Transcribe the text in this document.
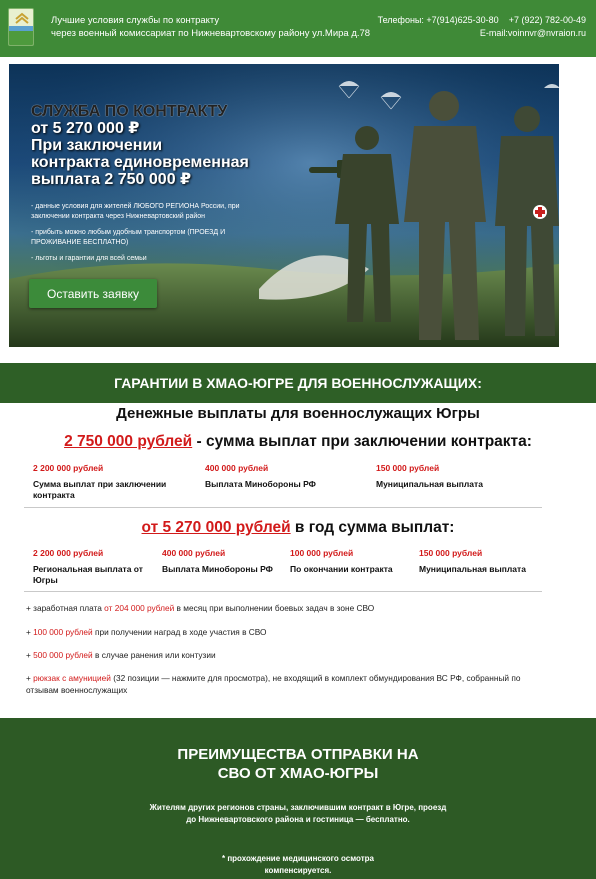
Лучшие условия службы по контракту
через военный комиссариат по Нижневартовскому району ул.Мира д.78
Телефоны: +7(914)625-30-80 +7 (922) 782-00-49
E-mail:voinnvr@nvraion.ru
СЛУЖБА ПО КОНТРАКТУ
от 5 270 000 ₽
При заключении
контракта единовременная
выплата 2 750 000 ₽

- данные условия для жителей ЛЮБОГО РЕГИОНА России, при заключении контракта через Нижневартовский район

- прибыть можно любым удобным транспортом (ПРОЕЗД И ПРОЖИВАНИЕ БЕСПЛАТНО)

- льготы и гарантии для всей семьи

Оставить заявку
ГАРАНТИИ В ХМАО-ЮГРЕ ДЛЯ ВОЕННОСЛУЖАЩИХ:
Денежные выплаты для военнослужащих Югры
2 750 000 рублей - сумма выплат при заключении контракта:
2 200 000 рублей
Сумма выплат при заключении контракта
400 000 рублей
Выплата Минобороны РФ
150 000 рублей
Муниципальная выплата
от 5 270 000 рублей в год сумма выплат:
2 200 000 рублей
Региональная выплата от Югры
400 000 рублей
Выплата Минобороны РФ
100 000 рублей
По окончании контракта
150 000 рублей
Муниципальная выплата
+ заработная плата от 204 000 рублей в месяц при выполнении боевых задач в зоне СВО
+ 100 000 рублей при получении наград в ходе участия в СВО
+ 500 000 рублей в случае ранения или контузии
+ рюкзак с амуницией (32 позиции — нажмите для просмотра), не входящий в комплект обмундирования ВС РФ, собранный по отзывам военнослужащих
ПРЕИМУЩЕСТВА ОТПРАВКИ НА
СВО ОТ ХМАО-ЮГРЫ
Жителям других регионов страны, заключившим контракт в Югре, проезд
до Нижневартовского района и гостиница — бесплатно.
* прохождение медицинского осмотра
компенсируется.
